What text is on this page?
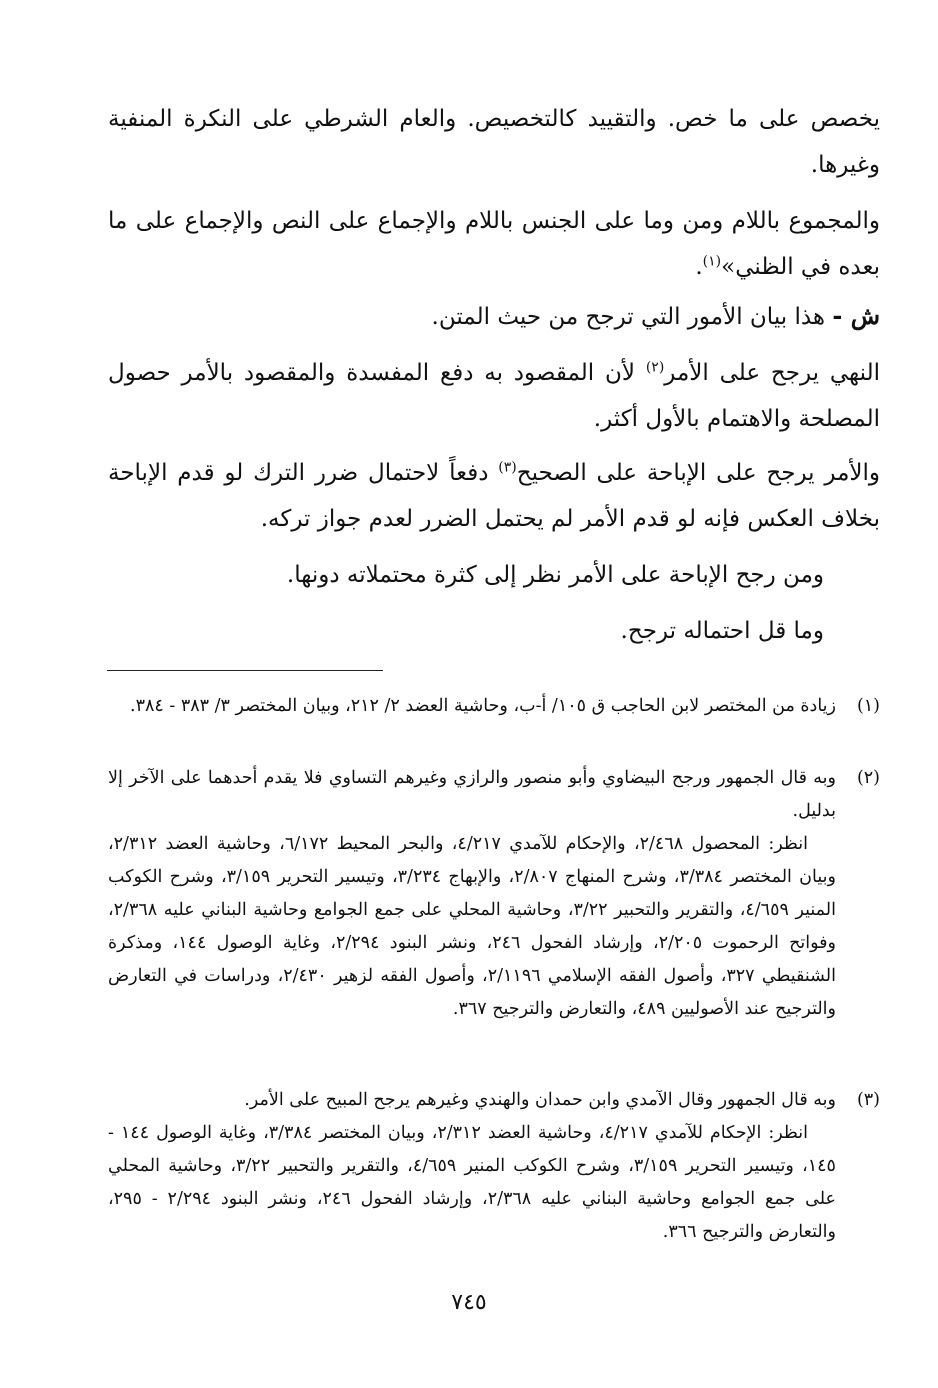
يخصص على ما خص. والتقييد كالتخصيص. والعام الشرطي على النكرة المنفية وغيرها.

والمجموع باللام ومن وما على الجنس باللام والإجماع على النص والإجماع على ما بعده في الظني»$^{(١)}$.

ش - هذا بيان الأمور التي ترجح من حيث المتن.

النهي يرجح على الأمر$^{(٢)}$ لأن المقصود به دفع المفسدة والمقصود بالأمر حصول المصلحة والاهتمام بالأول أكثر.

والأمر يرجح على الإباحة على الصحيح$^{(٣)}$ دفعاً لاحتمال ضرر الترك لو قدم الإباحة بخلاف العكس فإنه لو قدم الأمر لم يحتمل الضرر لعدم جواز تركه.

ومن رجح الإباحة على الأمر نظر إلى كثرة محتملاته دونها.

وما قل احتماله ترجح.

(١)
زيادة من المختصر لابن الحاجب ق ١٠٥/ أ-ب، وحاشية العضد ٢/ ٢١٢، وبيان المختصر ٣/ ٣٨٣ - ٣٨٤.
(٢)
وبه قال الجمهور ورجح البيضاوي وأبو منصور والرازي وغيرهم التساوي فلا يقدم أحدهما على الآخر إلا بدليل.
انظر: المحصول ٢/٤٦٨، والإحكام للآمدي ٤/٢١٧، والبحر المحيط ٦/١٧٢، وحاشية العضد ٢/٣١٢، وبيان المختصر ٣/٣٨٤، وشرح المنهاج ٢/٨٠٧، والإبهاج ٣/٢٣٤، وتيسير التحرير ٣/١٥٩، وشرح الكوكب المنير ٤/٦٥٩، والتقرير والتحبير ٣/٢٢، وحاشية المحلي على جمع الجوامع وحاشية البناني عليه ٢/٣٦٨، وفواتح الرحموت ٢/٢٠٥، وإرشاد الفحول ٢٤٦، ونشر البنود ٢/٢٩٤، وغاية الوصول ١٤٤، ومذكرة الشنقيطي ٣٢٧، وأصول الفقه الإسلامي ٢/١١٩٦، وأصول الفقه لزهير ٢/٤٣٠، ودراسات في التعارض والترجيح عند الأصوليين ٤٨٩، والتعارض والترجيح ٣٦٧.
(٣)
وبه قال الجمهور وقال الآمدي وابن حمدان والهندي وغيرهم يرجح المبيح على الأمر.
انظر: الإحكام للآمدي ٤/٢١٧، وحاشية العضد ٢/٣١٢، وبيان المختصر ٣/٣٨٤، وغاية الوصول ١٤٤ - ١٤٥، وتيسير التحرير ٣/١٥٩، وشرح الكوكب المنير ٤/٦٥٩، والتقرير والتحبير ٣/٢٢، وحاشية المحلي على جمع الجوامع وحاشية البناني عليه ٢/٣٦٨، وإرشاد الفحول ٢٤٦، ونشر البنود ٢/٢٩٤ - ٢٩٥، والتعارض والترجيح ٣٦٦.
٧٤٥
